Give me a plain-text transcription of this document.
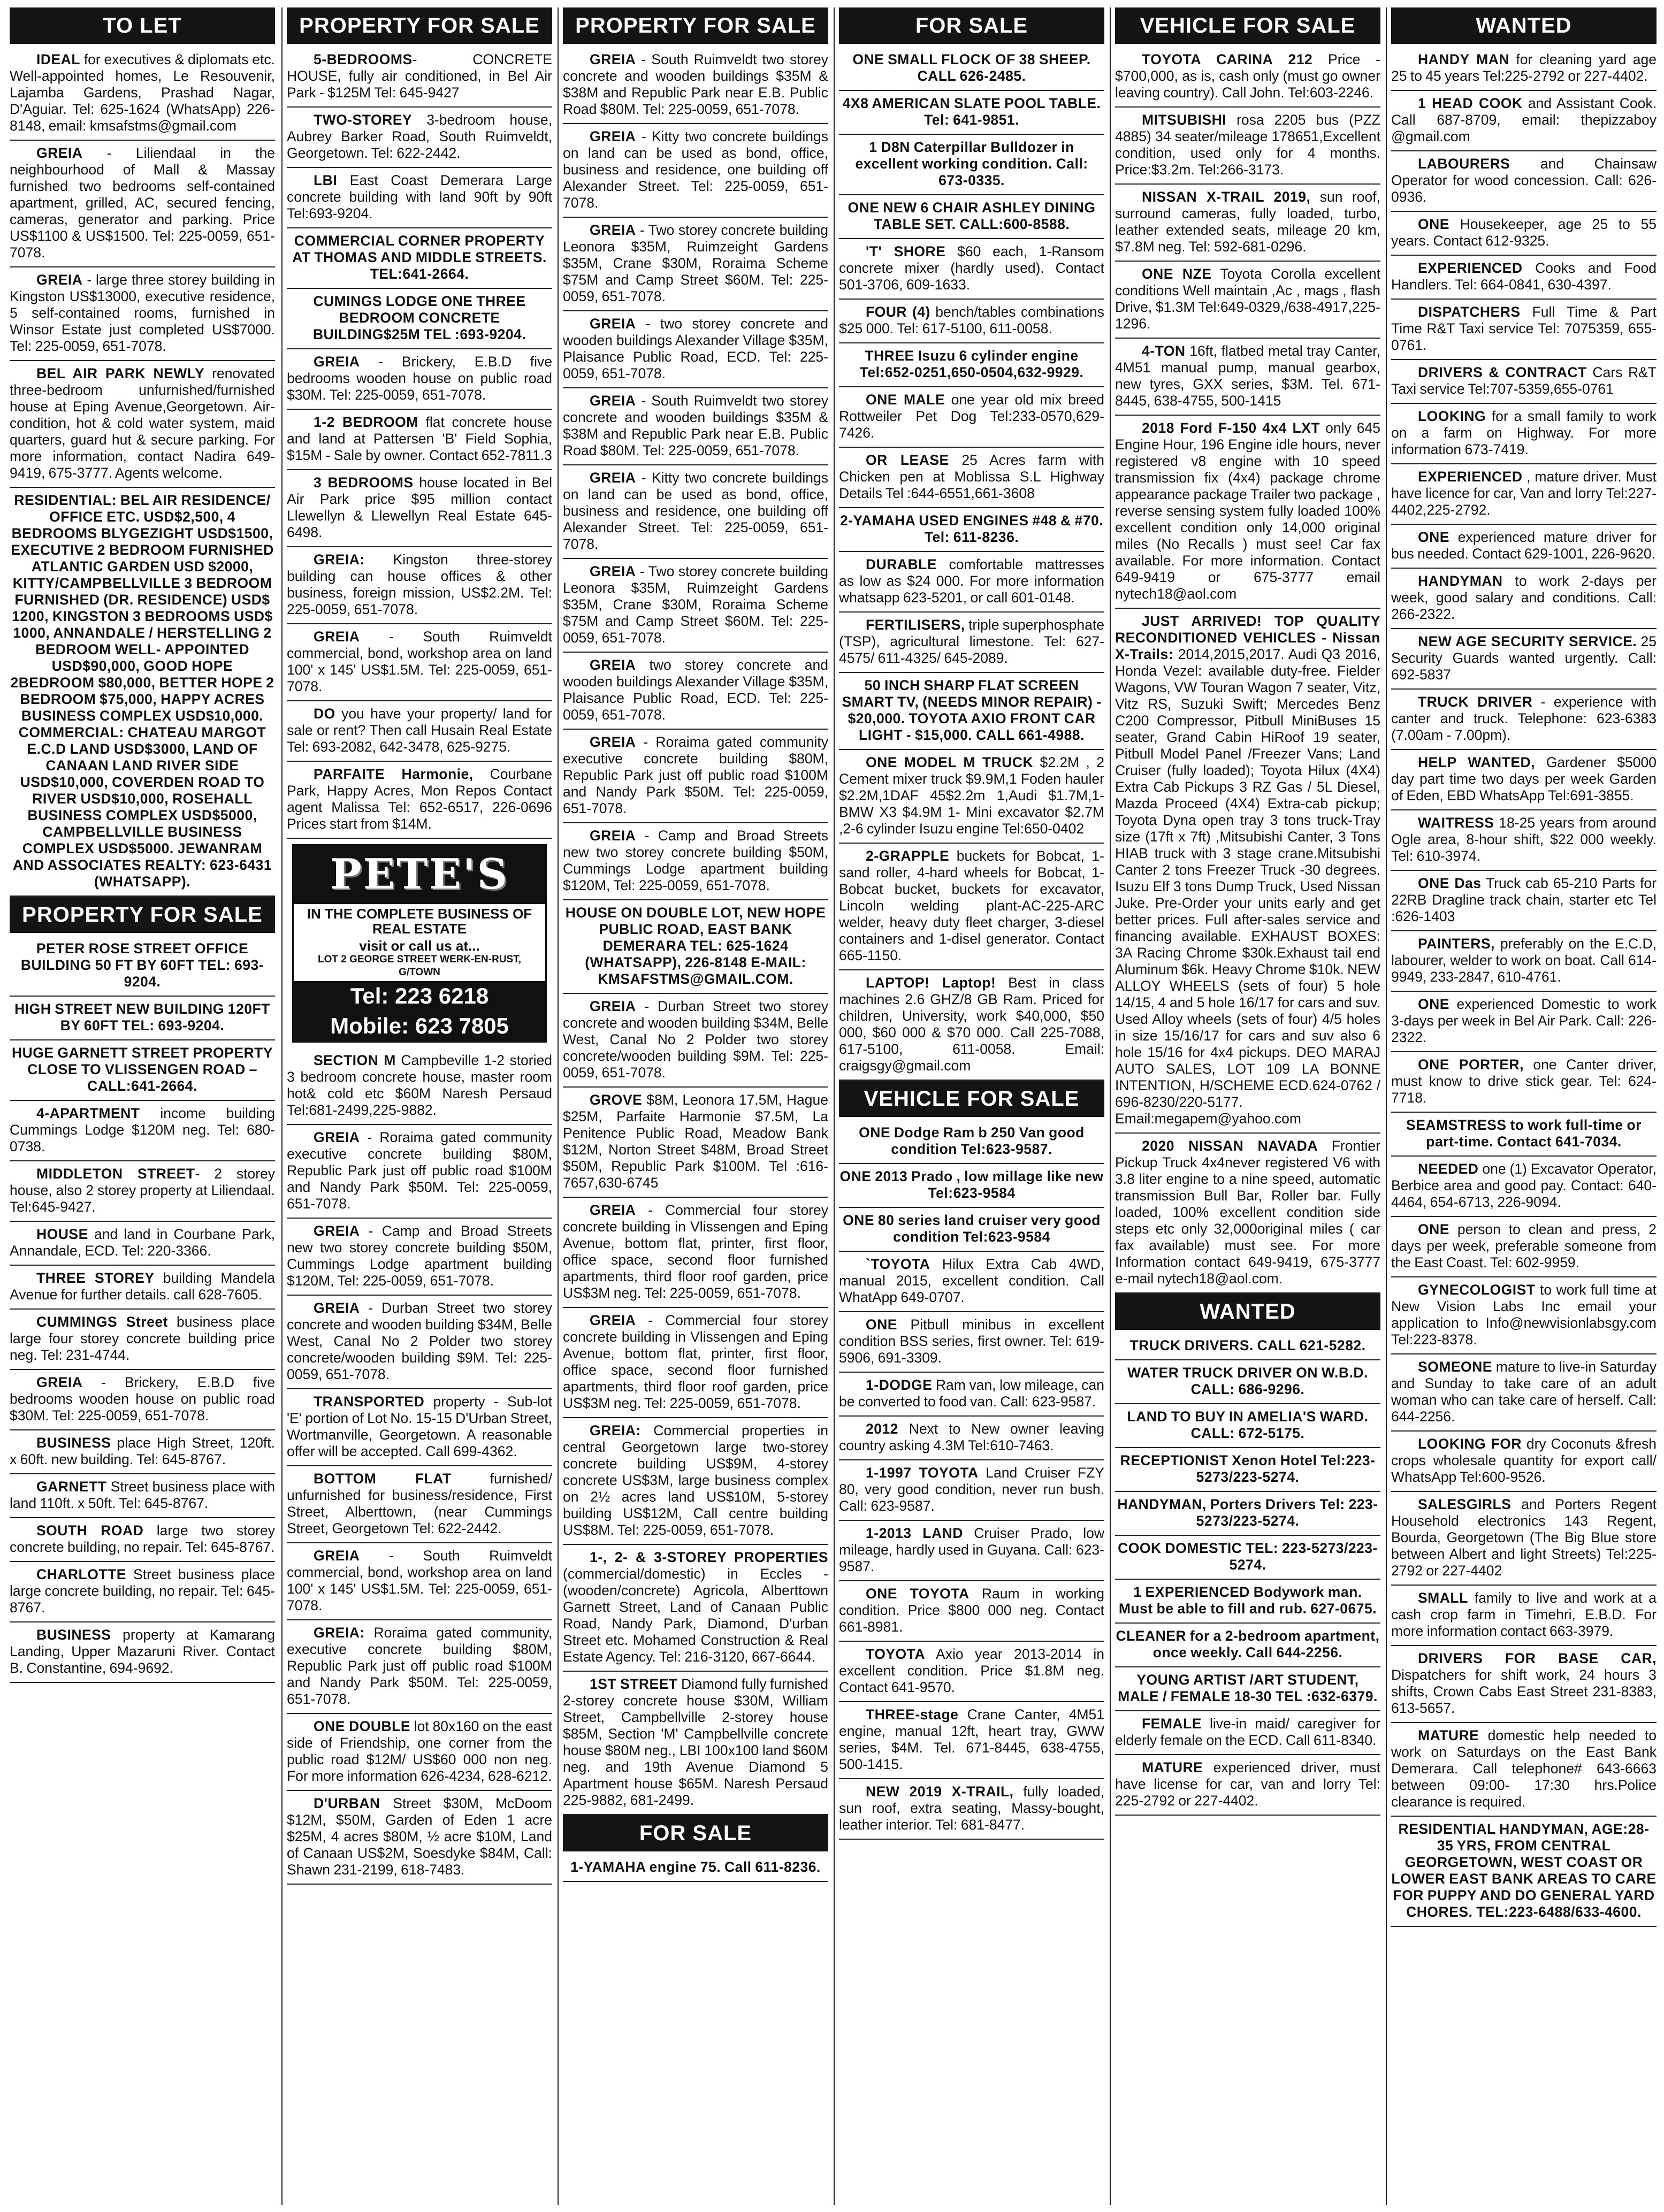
TO LET
IDEAL for executives & diplomats etc. Well-appointed homes, Le Resouvenir, Lajamba Gardens, Prashad Nagar, D'Aguiar. Tel: 625-1624 (WhatsApp) 226-8148, email: kmsafstms@gmail.com
GREIA - Liliendaal in the neighbourhood of Mall & Massay furnished two bedrooms self-contained apartment, grilled, AC, secured fencing, cameras, generator and parking. Price US$1100 & US$1500. Tel: 225-0059, 651-7078.
GREIA - large three storey building in Kingston US$13000, executive residence, 5 self-contained rooms, furnished in Winsor Estate just completed US$7000. Tel: 225-0059, 651-7078.
BEL AIR PARK NEWLY renovated three-bedroom unfurnished/furnished house at Eping Avenue,Georgetown. Air-condition, hot & cold water system, maid quarters, guard hut & secure parking. For more information, contact Nadira 649-9419, 675-3777. Agents welcome.
RESIDENTIAL: BEL AIR RESIDENCE/ OFFICE ETC. USD$2,500, 4 BEDROOMS BLYGEZIGHT USD$1500, EXECUTIVE 2 BEDROOM FURNISHED ATLANTIC GARDEN USD $2000, KITTY/CAMPBELLVILLE 3 BEDROOM FURNISHED (DR. RESIDENCE) USD$ 1200, KINGSTON 3 BEDROOMS USD$ 1000, ANNANDALE / HERSTELLING 2 BEDROOM WELL- APPOINTED USD$90,000, GOOD HOPE 2BEDROOM $80,000, BETTER HOPE 2 BEDROOM $75,000, HAPPY ACRES BUSINESS COMPLEX USD$10,000. COMMERCIAL: CHATEAU MARGOT E.C.D LAND USD$3000, LAND OF CANAAN LAND RIVER SIDE USD$10,000, COVERDEN ROAD TO RIVER USD$10,000, ROSEHALL BUSINESS COMPLEX USD$5000, CAMPBELLVILLE BUSINESS COMPLEX USD$5000. JEWANRAM AND ASSOCIATES REALTY: 623-6431 (WHATSAPP).
PROPERTY FOR SALE
PETER ROSE STREET OFFICE BUILDING 50 FT BY 60FT TEL: 693-9204.
HIGH STREET NEW BUILDING 120FT BY 60FT TEL: 693-9204.
HUGE GARNETT STREET PROPERTY CLOSE TO VLISSENGEN ROAD – CALL:641-2664.
4-APARTMENT income building Cummings Lodge $120M neg. Tel: 680-0738.
MIDDLETON STREET- 2 storey house, also 2 storey property at Liliendaal. Tel:645-9427.
HOUSE and land in Courbane Park, Annandale, ECD. Tel: 220-3366.
THREE STOREY building Mandela Avenue for further details. call 628-7605.
CUMMINGS Street business place large four storey concrete building price neg. Tel: 231-4744.
GREIA - Brickery, E.B.D five bedrooms wooden house on public road $30M. Tel: 225-0059, 651-7078.
BUSINESS place High Street, 120ft. x 60ft. new building. Tel: 645-8767.
GARNETT Street business place with land 110ft. x 50ft. Tel: 645-8767.
SOUTH ROAD large two storey concrete building, no repair. Tel: 645-8767.
CHARLOTTE Street business place large concrete building, no repair. Tel: 645-8767.
BUSINESS property at Kamarang Landing, Upper Mazaruni River. Contact B. Constantine, 694-9692.
PROPERTY FOR SALE
5-BEDROOMS- CONCRETE HOUSE, fully air conditioned, in Bel Air Park - $125M Tel: 645-9427
TWO-STOREY 3-bedroom house, Aubrey Barker Road, South Ruimveldt, Georgetown. Tel: 622-2442.
LBI East Coast Demerara Large concrete building with land 90ft by 90ft Tel:693-9204.
COMMERCIAL CORNER PROPERTY AT THOMAS AND MIDDLE STREETS. TEL:641-2664.
CUMINGS LODGE ONE THREE BEDROOM CONCRETE BUILDING$25M TEL :693-9204.
GREIA - Brickery, E.B.D five bedrooms wooden house on public road $30M. Tel: 225-0059, 651-7078.
1-2 BEDROOM flat concrete house and land at Pattersen 'B' Field Sophia, $15M - Sale by owner. Contact 652-7811.3
3 BEDROOMS house located in Bel Air Park price $95 million contact Llewellyn & Llewellyn Real Estate 645-6498.
GREIA: Kingston three-storey building can house offices & other business, foreign mission, US$2.2M. Tel: 225-0059, 651-7078.
GREIA - South Ruimveldt commercial, bond, workshop area on land 100' x 145' US$1.5M. Tel: 225-0059, 651-7078.
DO you have your property/ land for sale or rent? Then call Husain Real Estate Tel: 693-2082, 642-3478, 625-9275.
PARFAITE Harmonie, Courbane Park, Happy Acres, Mon Repos Contact agent Malissa Tel: 652-6517, 226-0696 Prices start from $14M.
PETE'S
IN THE COMPLETE BUSINESS OF REAL ESTATE
visit or call us at...
LOT 2 GEORGE STREET WERK-EN-RUST, G/TOWN
Tel: 223 6218
Mobile: 623 7805
SECTION M Campbeville 1-2 storied 3 bedroom concrete house, master room hot& cold etc $60M Naresh Persaud Tel:681-2499,225-9882.
GREIA - Roraima gated community executive concrete building $80M, Republic Park just off public road $100M and Nandy Park $50M. Tel: 225-0059, 651-7078.
GREIA - Camp and Broad Streets new two storey concrete building $50M, Cummings Lodge apartment building $120M, Tel: 225-0059, 651-7078.
GREIA - Durban Street two storey concrete and wooden building $34M, Belle West, Canal No 2 Polder two storey concrete/wooden building $9M. Tel: 225-0059, 651-7078.
TRANSPORTED property - Sub-lot 'E' portion of Lot No. 15-15 D'Urban Street, Wortmanville, Georgetown. A reasonable offer will be accepted. Call 699-4362.
BOTTOM FLAT furnished/ unfurnished for business/residence, First Street, Alberttown, (near Cummings Street, Georgetown Tel: 622-2442.
GREIA - South Ruimveldt commercial, bond, workshop area on land 100' x 145' US$1.5M. Tel: 225-0059, 651-7078.
GREIA: Roraima gated community, executive concrete building $80M, Republic Park just off public road $100M and Nandy Park $50M. Tel: 225-0059, 651-7078.
ONE DOUBLE lot 80x160 on the east side of Friendship, one corner from the public road $12M/ US$60 000 non neg. For more information 626-4234, 628-6212.
D'URBAN Street $30M, McDoom $12M, $50M, Garden of Eden 1 acre $25M, 4 acres $80M, ½ acre $10M, Land of Canaan US$2M, Soesdyke $84M, Call: Shawn 231-2199, 618-7483.
PROPERTY FOR SALE
GREIA - South Ruimveldt two storey concrete and wooden buildings $35M & $38M and Republic Park near E.B. Public Road $80M. Tel: 225-0059, 651-7078.
GREIA - Kitty two concrete buildings on land can be used as bond, office, business and residence, one building off Alexander Street. Tel: 225-0059, 651-7078.
GREIA - Two storey concrete building Leonora $35M, Ruimzeight Gardens $35M, Crane $30M, Roraima Scheme $75M and Camp Street $60M. Tel: 225-0059, 651-7078.
GREIA - two storey concrete and wooden buildings Alexander Village $35M, Plaisance Public Road, ECD. Tel: 225-0059, 651-7078.
GREIA - South Ruimveldt two storey concrete and wooden buildings $35M & $38M and Republic Park near E.B. Public Road $80M. Tel: 225-0059, 651-7078.
GREIA - Kitty two concrete buildings on land can be used as bond, office, business and residence, one building off Alexander Street. Tel: 225-0059, 651-7078.
GREIA - Two storey concrete building Leonora $35M, Ruimzeight Gardens $35M, Crane $30M, Roraima Scheme $75M and Camp Street $60M. Tel: 225-0059, 651-7078.
GREIA two storey concrete and wooden buildings Alexander Village $35M, Plaisance Public Road, ECD. Tel: 225-0059, 651-7078.
GREIA - Roraima gated community executive concrete building $80M, Republic Park just off public road $100M and Nandy Park $50M. Tel: 225-0059, 651-7078.
GREIA - Camp and Broad Streets new two storey concrete building $50M, Cummings Lodge apartment building $120M, Tel: 225-0059, 651-7078.
HOUSE ON DOUBLE LOT, NEW HOPE PUBLIC ROAD, EAST BANK DEMERARA TEL: 625-1624 (WHATSAPP), 226-8148 E-MAIL: KMSAFSTMS@GMAIL.COM.
GREIA - Durban Street two storey concrete and wooden building $34M, Belle West, Canal No 2 Polder two storey concrete/wooden building $9M. Tel: 225-0059, 651-7078.
GROVE $8M, Leonora 17.5M, Hague $25M, Parfaite Harmonie $7.5M, La Penitence Public Road, Meadow Bank $12M, Norton Street $48M, Broad Street $50M, Republic Park $100M. Tel :616-7657,630-6745
GREIA - Commercial four storey concrete building in Vlissengen and Eping Avenue, bottom flat, printer, first floor, office space, second floor furnished apartments, third floor roof garden, price US$3M neg. Tel: 225-0059, 651-7078.
GREIA - Commercial four storey concrete building in Vlissengen and Eping Avenue, bottom flat, printer, first floor, office space, second floor furnished apartments, third floor roof garden, price US$3M neg. Tel: 225-0059, 651-7078.
GREIA: Commercial properties in central Georgetown large two-storey concrete building US$9M, 4-storey concrete US$3M, large business complex on 2½ acres land US$10M, 5-storey building US$12M, Call centre building US$8M. Tel: 225-0059, 651-7078.
1-, 2- & 3-STOREY PROPERTIES (commercial/domestic) in Eccles - (wooden/concrete) Agricola, Alberttown Garnett Street, Land of Canaan Public Road, Nandy Park, Diamond, D'urban Street etc. Mohamed Construction & Real Estate Agency. Tel: 216-3120, 667-6644.
1ST STREET Diamond fully furnished 2-storey concrete house $30M, William Street, Campbellville 2-storey house $85M, Section 'M' Campbellville concrete house $80M neg., LBI 100x100 land $60M neg. and 19th Avenue Diamond 5 Apartment house $65M. Naresh Persaud 225-9882, 681-2499.
FOR SALE
1-YAMAHA engine 75. Call 611-8236.
FOR SALE
ONE SMALL FLOCK OF 38 SHEEP. CALL 626-2485.
4X8 AMERICAN SLATE POOL TABLE. Tel: 641-9851.
1 D8N Caterpillar Bulldozer in excellent working condition. Call: 673-0335.
ONE NEW 6 CHAIR ASHLEY DINING TABLE SET. CALL:600-8588.
'T' SHORE $60 each, 1-Ransom concrete mixer (hardly used). Contact 501-3706, 609-1633.
FOUR (4) bench/tables combinations $25 000. Tel: 617-5100, 611-0058.
THREE Isuzu 6 cylinder engine Tel:652-0251,650-0504,632-9929.
ONE MALE one year old mix breed Rottweiler Pet Dog Tel:233-0570,629-7426.
OR LEASE 25 Acres farm with Chicken pen at Moblissa S.L Highway Details Tel :644-6551,661-3608
2-YAMAHA USED ENGINES #48 & #70. Tel: 611-8236.
DURABLE comfortable mattresses as low as $24 000. For more information whatsapp 623-5201, or call 601-0148.
FERTILISERS, triple superphosphate (TSP), agricultural limestone. Tel: 627-4575/ 611-4325/ 645-2089.
50 INCH SHARP FLAT SCREEN SMART TV, (NEEDS MINOR REPAIR) - $20,000. TOYOTA AXIO FRONT CAR LIGHT - $15,000. CALL 661-4988.
ONE MODEL M TRUCK $2.2M , 2 Cement mixer truck $9.9M,1 Foden hauler $2.2M,1DAF 45$2.2m 1,Audi $1.7M,1-BMW X3 $4.9M 1- Mini excavator $2.7M ,2-6 cylinder Isuzu engine Tel:650-0402
2-GRAPPLE buckets for Bobcat, 1-sand roller, 4-hard wheels for Bobcat, 1-Bobcat bucket, buckets for excavator, Lincoln welding plant-AC-225-ARC welder, heavy duty fleet charger, 3-diesel containers and 1-disel generator. Contact 665-1150.
LAPTOP! Laptop! Best in class machines 2.6 GHZ/8 GB Ram. Priced for children, University, work $40,000, $50 000, $60 000 & $70 000. Call 225-7088, 617-5100, 611-0058. Email: craigsgy@gmail.com
VEHICLE FOR SALE
ONE Dodge Ram b 250 Van good condition Tel:623-9587.
ONE 2013 Prado , low millage like new Tel:623-9584
ONE 80 series land cruiser very good condition Tel:623-9584
`TOYOTA Hilux Extra Cab 4WD, manual 2015, excellent condition. Call WhatApp 649-0707.
ONE Pitbull minibus in excellent condition BSS series, first owner. Tel: 619-5906, 691-3309.
1-DODGE Ram van, low mileage, can be converted to food van. Call: 623-9587.
2012 Next to New owner leaving country asking 4.3M Tel:610-7463.
1-1997 TOYOTA Land Cruiser FZY 80, very good condition, never run bush. Call: 623-9587.
1-2013 LAND Cruiser Prado, low mileage, hardly used in Guyana. Call: 623-9587.
ONE TOYOTA Raum in working condition. Price $800 000 neg. Contact 661-8981.
TOYOTA Axio year 2013-2014 in excellent condition. Price $1.8M neg. Contact 641-9570.
THREE-stage Crane Canter, 4M51 engine, manual 12ft, heart tray, GWW series, $4M. Tel. 671-8445, 638-4755, 500-1415.
NEW 2019 X-TRAIL, fully loaded, sun roof, extra seating, Massy-bought, leather interior. Tel: 681-8477.
VEHICLE FOR SALE
TOYOTA CARINA 212 Price - $700,000, as is, cash only (must go owner leaving country). Call John. Tel:603-2246.
MITSUBISHI rosa 2205 bus (PZZ 4885) 34 seater/mileage 178651,Excellent condition, used only for 4 months. Price:$3.2m. Tel:266-3173.
NISSAN X-TRAIL 2019, sun roof, surround cameras, fully loaded, turbo, leather extended seats, mileage 20 km, $7.8M neg. Tel: 592-681-0296.
ONE NZE Toyota Corolla excellent conditions Well maintain ,Ac , mags , flash Drive, $1.3M Tel:649-0329,/638-4917,225-1296.
4-TON 16ft, flatbed metal tray Canter, 4M51 manual pump, manual gearbox, new tyres, GXX series, $3M. Tel. 671-8445, 638-4755, 500-1415
2018 Ford F-150 4x4 LXT only 645 Engine Hour, 196 Engine idle hours, never registered v8 engine with 10 speed transmission fix (4x4) package chrome appearance package Trailer two package , reverse sensing system fully loaded 100% excellent condition only 14,000 original miles (No Recalls ) must see! Car fax available. For more information. Contact 649-9419 or 675-3777 email nytech18@aol.com
JUST ARRIVED! TOP QUALITY RECONDITIONED VEHICLES - Nissan X-Trails: 2014,2015,2017. Audi Q3 2016, Honda Vezel: available duty-free. Fielder Wagons, VW Touran Wagon 7 seater, Vitz, Vitz RS, Suzuki Swift; Mercedes Benz C200 Compressor, Pitbull MiniBuses 15 seater, Grand Cabin HiRoof 19 seater, Pitbull Model Panel /Freezer Vans; Land Cruiser (fully loaded); Toyota Hilux (4X4) Extra Cab Pickups 3 RZ Gas / 5L Diesel, Mazda Proceed (4X4) Extra-cab pickup; Toyota Dyna open tray 3 tons truck-Tray size (17ft x 7ft) ,Mitsubishi Canter, 3 Tons HIAB truck with 3 stage crane.Mitsubishi Canter 2 tons Freezer Truck -30 degrees. Isuzu Elf 3 tons Dump Truck, Used Nissan Juke. Pre-Order your units early and get better prices. Full after-sales service and financing available. EXHAUST BOXES: 3A Racing Chrome $30k.Exhaust tail end Aluminum $6k. Heavy Chrome $10k. NEW ALLOY WHEELS (sets of four) 5 hole 14/15, 4 and 5 hole 16/17 for cars and suv. Used Alloy wheels (sets of four) 4/5 holes in size 15/16/17 for cars and suv also 6 hole 15/16 for 4x4 pickups. DEO MARAJ AUTO SALES, LOT 109 LA BONNE INTENTION, H/SCHEME ECD.624-0762 / 696-8230/220-5177. Email:megapem@yahoo.com
2020 NISSAN NAVADA Frontier Pickup Truck 4x4never registered V6 with 3.8 liter engine to a nine speed, automatic transmission Bull Bar, Roller bar. Fully loaded, 100% excellent condition side steps etc only 32,000original miles ( car fax available) must see. For more Information contact 649-9419, 675-3777 e-mail nytech18@aol.com.
WANTED
TRUCK DRIVERS. CALL 621-5282.
WATER TRUCK DRIVER ON W.B.D. CALL: 686-9296.
LAND TO BUY IN AMELIA'S WARD. CALL: 672-5175.
RECEPTIONIST Xenon Hotel Tel:223-5273/223-5274.
HANDYMAN, Porters Drivers Tel: 223-5273/223-5274.
COOK DOMESTIC TEL: 223-5273/223-5274.
1 EXPERIENCED Bodywork man. Must be able to fill and rub. 627-0675.
CLEANER for a 2-bedroom apartment, once weekly. Call 644-2256.
YOUNG ARTIST /ART STUDENT, MALE / FEMALE 18-30 TEL :632-6379.
FEMALE live-in maid/ caregiver for elderly female on the ECD. Call 611-8340.
MATURE experienced driver, must have license for car, van and lorry Tel: 225-2792 or 227-4402.
WANTED
HANDY MAN for cleaning yard age 25 to 45 years Tel:225-2792 or 227-4402.
1 HEAD COOK and Assistant Cook. Call 687-8709, email: thepizzaboy @gmail.com
LABOURERS and Chainsaw Operator for wood concession. Call: 626-0936.
ONE Housekeeper, age 25 to 55 years. Contact 612-9325.
EXPERIENCED Cooks and Food Handlers. Tel: 664-0841, 630-4397.
DISPATCHERS Full Time & Part Time R&T Taxi service Tel: 7075359, 655-0761.
DRIVERS & CONTRACT Cars R&T Taxi service Tel:707-5359,655-0761
LOOKING for a small family to work on a farm on Highway. For more information 673-7419.
EXPERIENCED , mature driver. Must have licence for car, Van and lorry Tel:227-4402,225-2792.
ONE experienced mature driver for bus needed. Contact 629-1001, 226-9620.
HANDYMAN to work 2-days per week, good salary and conditions. Call: 266-2322.
NEW AGE SECURITY SERVICE. 25 Security Guards wanted urgently. Call: 692-5837
TRUCK DRIVER - experience with canter and truck. Telephone: 623-6383 (7.00am - 7.00pm).
HELP WANTED, Gardener $5000 day part time two days per week Garden of Eden, EBD WhatsApp Tel:691-3855.
WAITRESS 18-25 years from around Ogle area, 8-hour shift, $22 000 weekly. Tel: 610-3974.
ONE Das Truck cab 65-210 Parts for 22RB Dragline track chain, starter etc Tel :626-1403
PAINTERS, preferably on the E.C.D, labourer, welder to work on boat. Call 614-9949, 233-2847, 610-4761.
ONE experienced Domestic to work 3-days per week in Bel Air Park. Call: 226-2322.
ONE PORTER, one Canter driver, must know to drive stick gear. Tel: 624-7718.
SEAMSTRESS to work full-time or part-time. Contact 641-7034.
NEEDED one (1) Excavator Operator, Berbice area and good pay. Contact: 640-4464, 654-6713, 226-9094.
ONE person to clean and press, 2 days per week, preferable someone from the East Coast. Tel: 602-9959.
GYNECOLOGIST to work full time at New Vision Labs Inc email your application to Info@newvisionlabsgy.com Tel:223-8378.
SOMEONE mature to live-in Saturday and Sunday to take care of an adult woman who can take care of herself. Call: 644-2256.
LOOKING FOR dry Coconuts &fresh crops wholesale quantity for export call/ WhatsApp Tel:600-9526.
SALESGIRLS and Porters Regent Household electronics 143 Regent, Bourda, Georgetown (The Big Blue store between Albert and light Streets) Tel:225-2792 or 227-4402
SMALL family to live and work at a cash crop farm in Timehri, E.B.D. For more information contact 663-3979.
DRIVERS FOR BASE CAR, Dispatchers for shift work, 24 hours 3 shifts, Crown Cabs East Street 231-8383, 613-5657.
MATURE domestic help needed to work on Saturdays on the East Bank Demerara. Call telephone# 643-6663 between 09:00- 17:30 hrs.Police clearance is required.
RESIDENTIAL HANDYMAN, AGE:28-35 YRS, FROM CENTRAL GEORGETOWN, WEST COAST OR LOWER EAST BANK AREAS TO CARE FOR PUPPY AND DO GENERAL YARD CHORES. TEL:223-6488/633-4600.
